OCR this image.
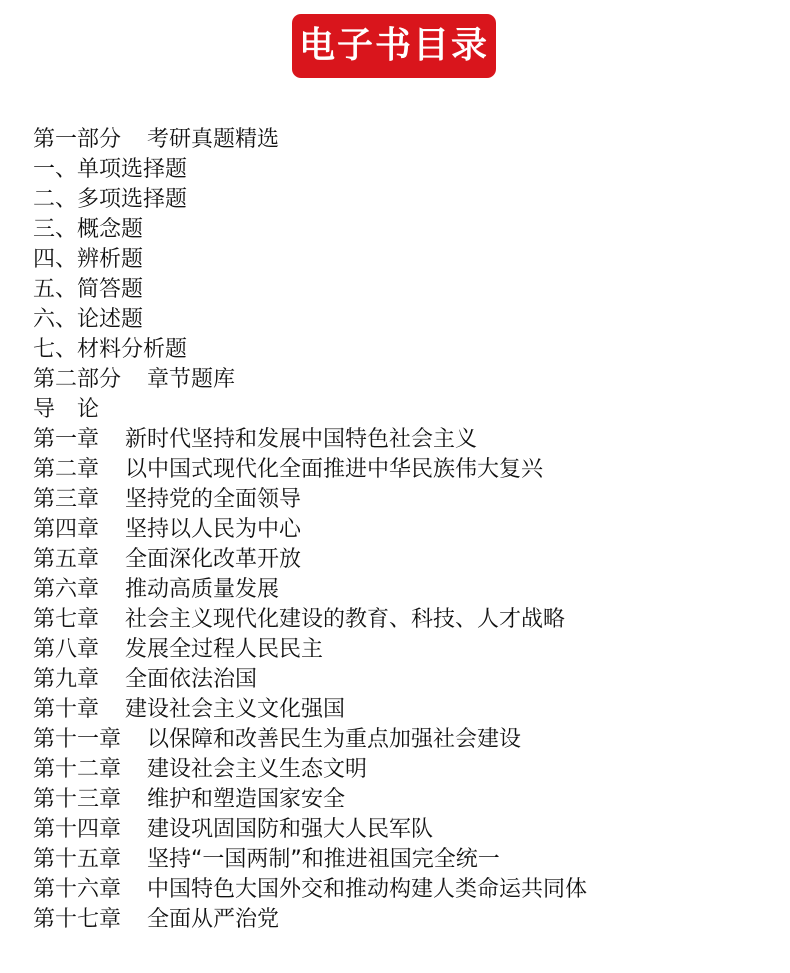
电子书目录
第一部分 考研真题精选
一、单项选择题
二、多项选择题
三、概念题
四、辨析题
五、简答题
六、论述题
七、材料分析题
第二部分 章节题库
导　论
第一章 新时代坚持和发展中国特色社会主义
第二章 以中国式现代化全面推进中华民族伟大复兴
第三章 坚持党的全面领导
第四章 坚持以人民为中心
第五章 全面深化改革开放
第六章 推动高质量发展
第七章 社会主义现代化建设的教育、科技、人才战略
第八章 发展全过程人民民主
第九章 全面依法治国
第十章 建设社会主义文化强国
第十一章 以保障和改善民生为重点加强社会建设
第十二章 建设社会主义生态文明
第十三章 维护和塑造国家安全
第十四章 建设巩固国防和强大人民军队
第十五章 坚持“一国两制”和推进祖国完全统一
第十六章 中国特色大国外交和推动构建人类命运共同体
第十七章 全面从严治党
